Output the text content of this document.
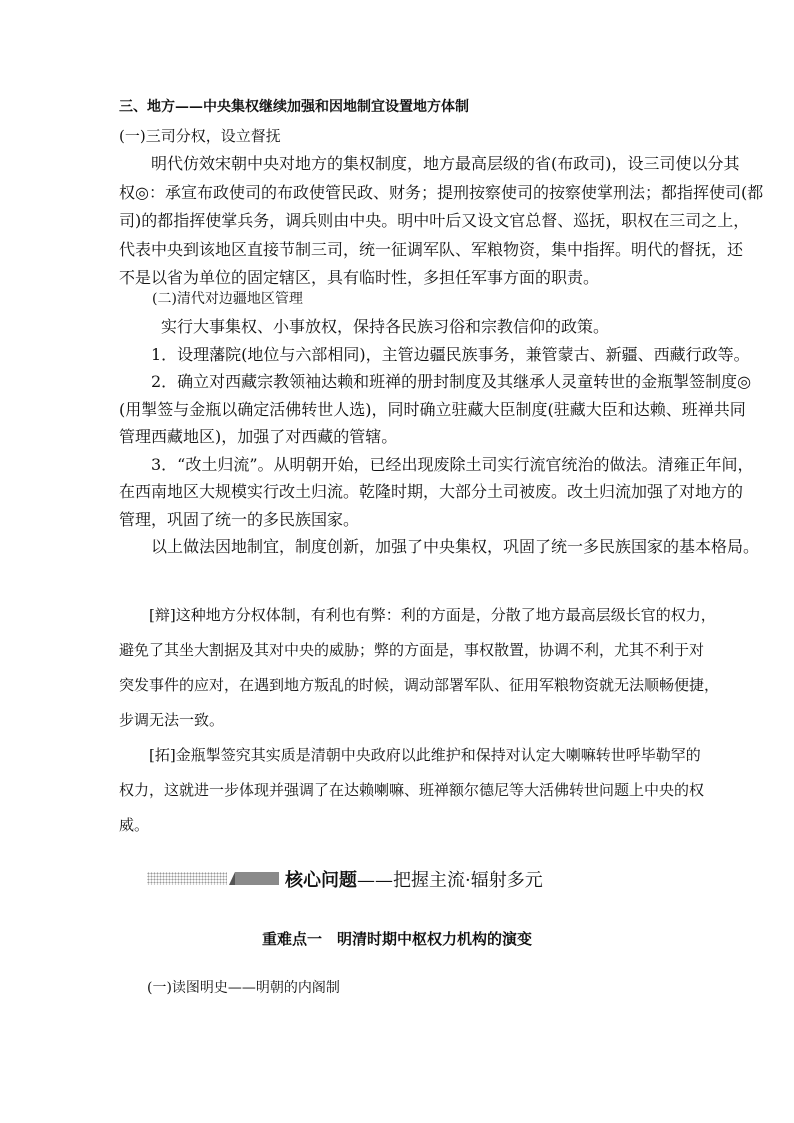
三、地方——中央集权继续加强和因地制宜设置地方体制
(一)三司分权，设立督抚
明代仿效宋朝中央对地方的集权制度，地方最高层级的省(布政司)，设三司使以分其
权◎：承宣布政使司的布政使管民政、财务；提刑按察使司的按察使掌刑法；都指挥使司(都
司)的都指挥使掌兵务，调兵则由中央。明中叶后又设文官总督、巡抚，职权在三司之上，
代表中央到该地区直接节制三司，统一征调军队、军粮物资，集中指挥。明代的督抚，还
不是以省为单位的固定辖区，具有临时性，多担任军事方面的职责。
(二)清代对边疆地区管理
实行大事集权、小事放权，保持各民族习俗和宗教信仰的政策。
1．设理藩院(地位与六部相同)，主管边疆民族事务，兼管蒙古、新疆、西藏行政等。
2．确立对西藏宗教领袖达赖和班禅的册封制度及其继承人灵童转世的金瓶掣签制度◎
(用掣签与金瓶以确定活佛转世人选)，同时确立驻藏大臣制度(驻藏大臣和达赖、班禅共同
管理西藏地区)，加强了对西藏的管辖。
3．“改土归流”。从明朝开始，已经出现废除土司实行流官统治的做法。清雍正年间，
在西南地区大规模实行改土归流。乾隆时期，大部分土司被废。改土归流加强了对地方的
管理，巩固了统一的多民族国家。
以上做法因地制宜，制度创新，加强了中央集权，巩固了统一多民族国家的基本格局。
[辩]这种地方分权体制，有利也有弊：利的方面是，分散了地方最高层级长官的权力，
避免了其坐大割据及其对中央的威胁；弊的方面是，事权散置，协调不利，尤其不利于对
突发事件的应对，在遇到地方叛乱的时候，调动部署军队、征用军粮物资就无法顺畅便捷，
步调无法一致。
[拓]金瓶掣签究其实质是清朝中央政府以此维护和保持对认定大喇嘛转世呼毕勒罕的
权力，这就进一步体现并强调了在达赖喇嘛、班禅额尔德尼等大活佛转世问题上中央的权
威。
核心问题——把握主流·辐射多元
重难点一　明清时期中枢权力机构的演变
(一)读图明史——明朝的内阁制
